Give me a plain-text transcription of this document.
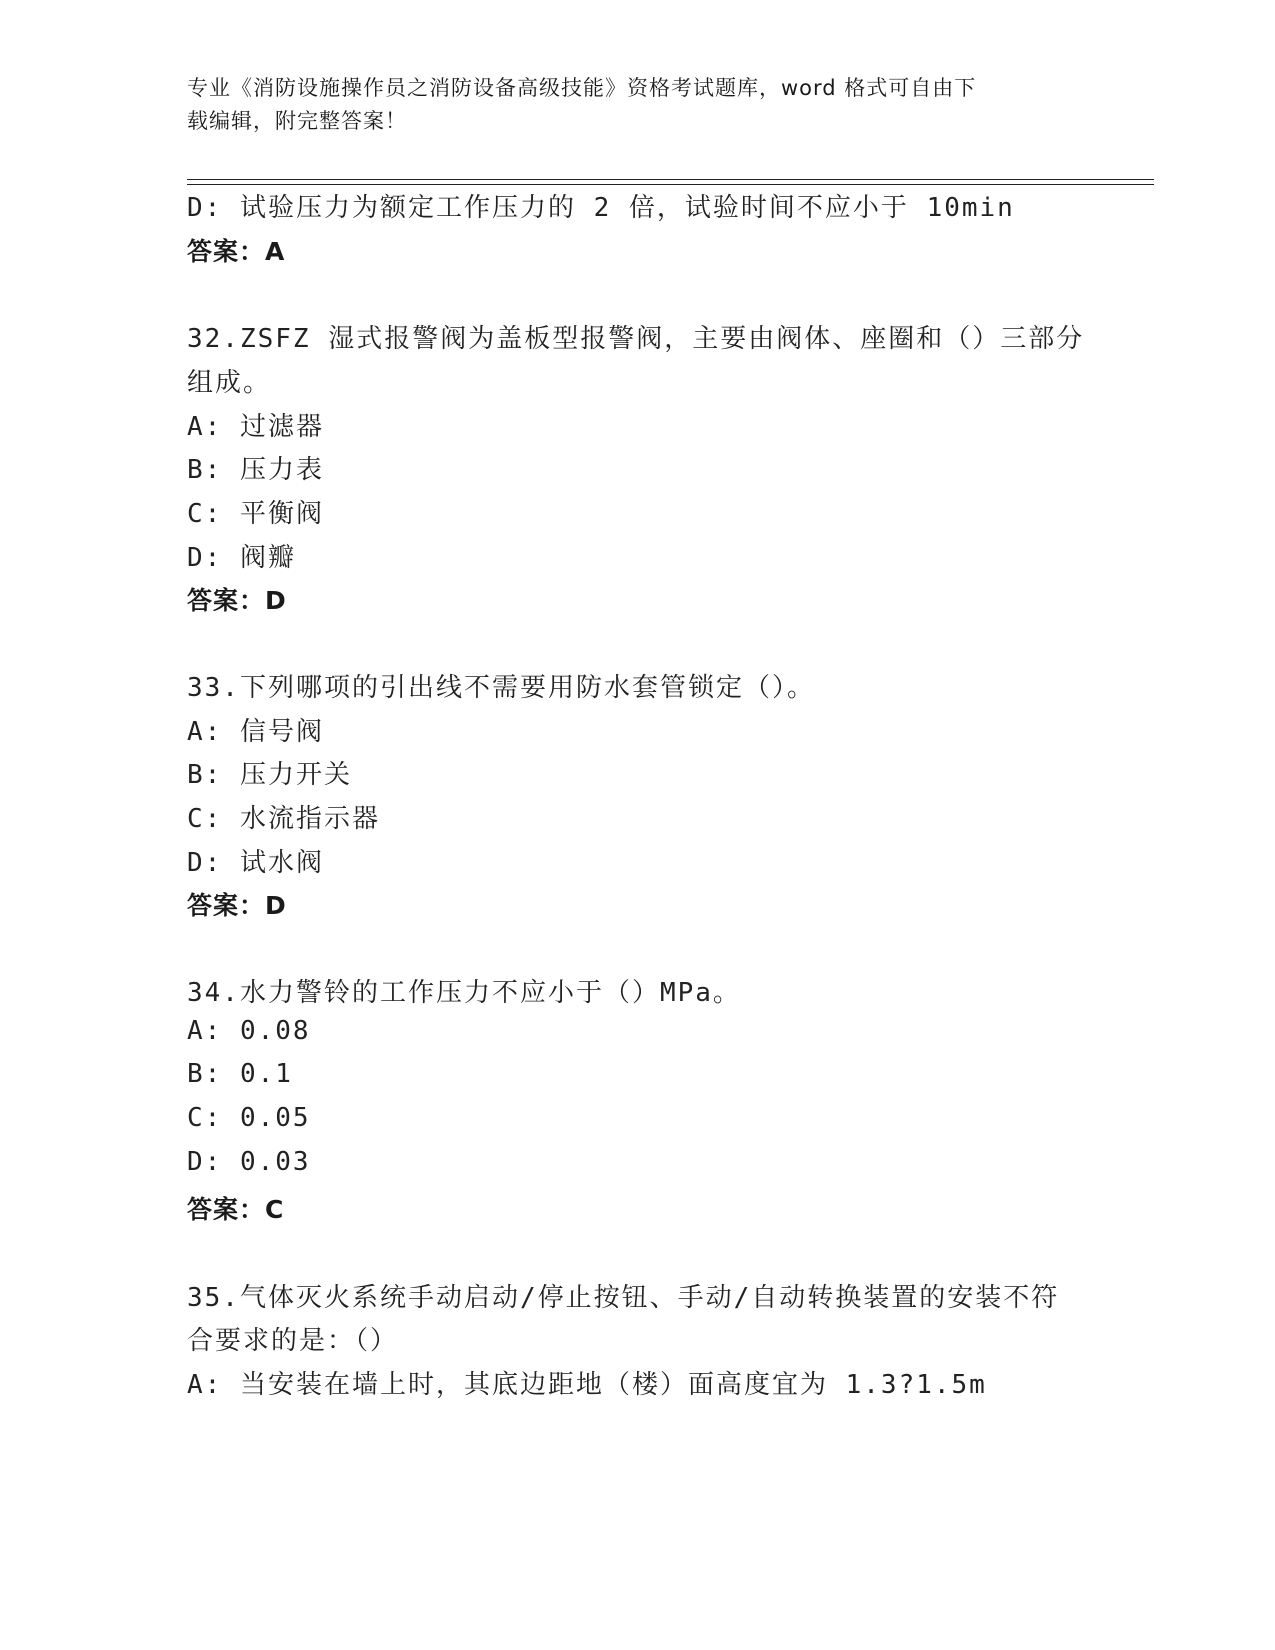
专业《消防设施操作员之消防设备高级技能》资格考试题库，word 格式可自由下
载编辑，附完整答案！
D: 试验压力为额定工作压力的 2 倍，试验时间不应小于 10min
答案：A
32.ZSFZ 湿式报警阀为盖板型报警阀，主要由阀体、座圈和（）三部分
组成。
A: 过滤器
B: 压力表
C: 平衡阀
D: 阀瓣
答案：D
33.下列哪项的引出线不需要用防水套管锁定（）。
A: 信号阀
B: 压力开关
C: 水流指示器
D: 试水阀
答案：D
34.水力警铃的工作压力不应小于（）MPa。
A: 0.08
B: 0.1
C: 0.05
D: 0.03
答案：C
35.气体灭火系统手动启动/停止按钮、手动/自动转换装置的安装不符
合要求的是：（）
A: 当安装在墙上时，其底边距地（楼）面高度宜为 1.3?1.5m
